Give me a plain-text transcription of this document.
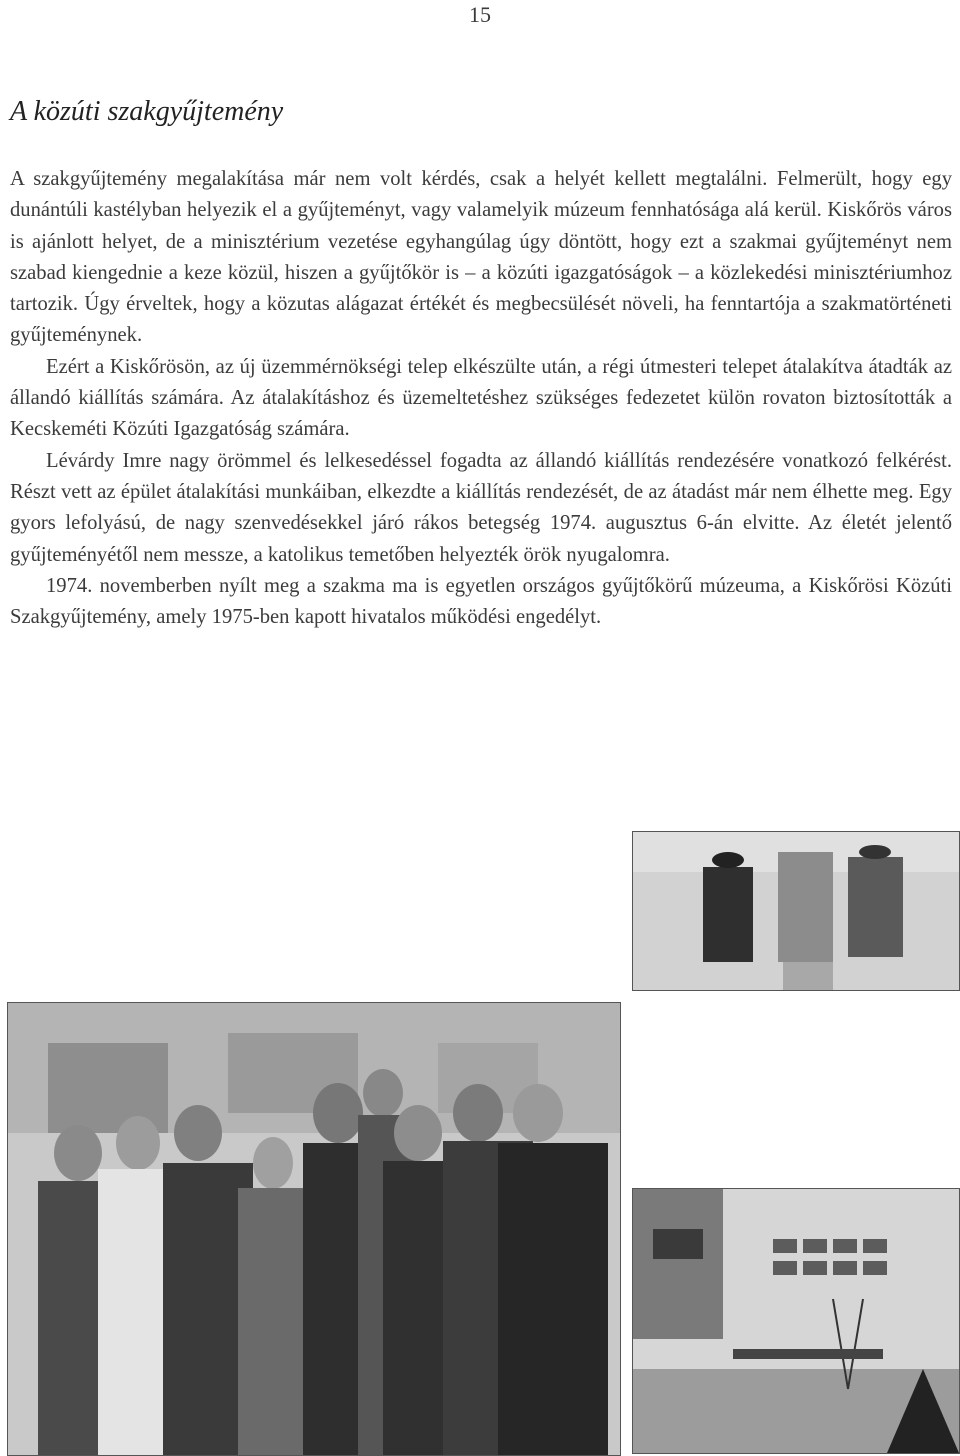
15
A közúti szakgyűjtemény

A szakgyűjtemény megalakítása már nem volt kérdés, csak a helyét kellett megtalálni. Felmerült, hogy egy dunántúli kastélyban helyezik el a gyűjteményt, vagy valamelyik múzeum fennhatósága alá kerül. Kiskőrös város is ajánlott helyet, de a minisztérium vezetése egyhangúlag úgy döntött, hogy ezt a szakmai gyűjteményt nem szabad kiengednie a keze közül, hiszen a gyűjtőkör is – a közúti igazgatóságok – a közlekedési minisztériumhoz tartozik. Úgy érveltek, hogy a közutas alágazat értékét és megbecsülését növeli, ha fenntartója a szakmatörténeti gyűjteménynek.

Ezért a Kiskőrösön, az új üzemmérnökségi telep elkészülte után, a régi útmesteri telepet átalakítva átadták az állandó kiállítás számára. Az átalakításhoz és üzemeltetéshez szükséges fedezetet külön rovaton biztosították a Kecskeméti Közúti Igazgatóság számára.

Lévárdy Imre nagy örömmel és lelkesedéssel fogadta az állandó kiállítás rendezésére vonatkozó felkérést. Részt vett az épület átalakítási munkáiban, elkezdte a kiállítás rendezését, de az átadást már nem élhette meg. Egy gyors lefolyású, de nagy szenvedésekkel járó rákos betegség 1974. augusztus 6-án elvitte. Az életét jelentő gyűjteményétől nem messze, a katolikus temetőben helyezték örök nyugalomra.

1974. novemberben nyílt meg a szakma ma is egyetlen országos gyűjtőkörű múzeuma, a Kiskőrösi Közúti Szakgyűjtemény, amely 1975-ben kapott hivatalos működési engedélyt.
